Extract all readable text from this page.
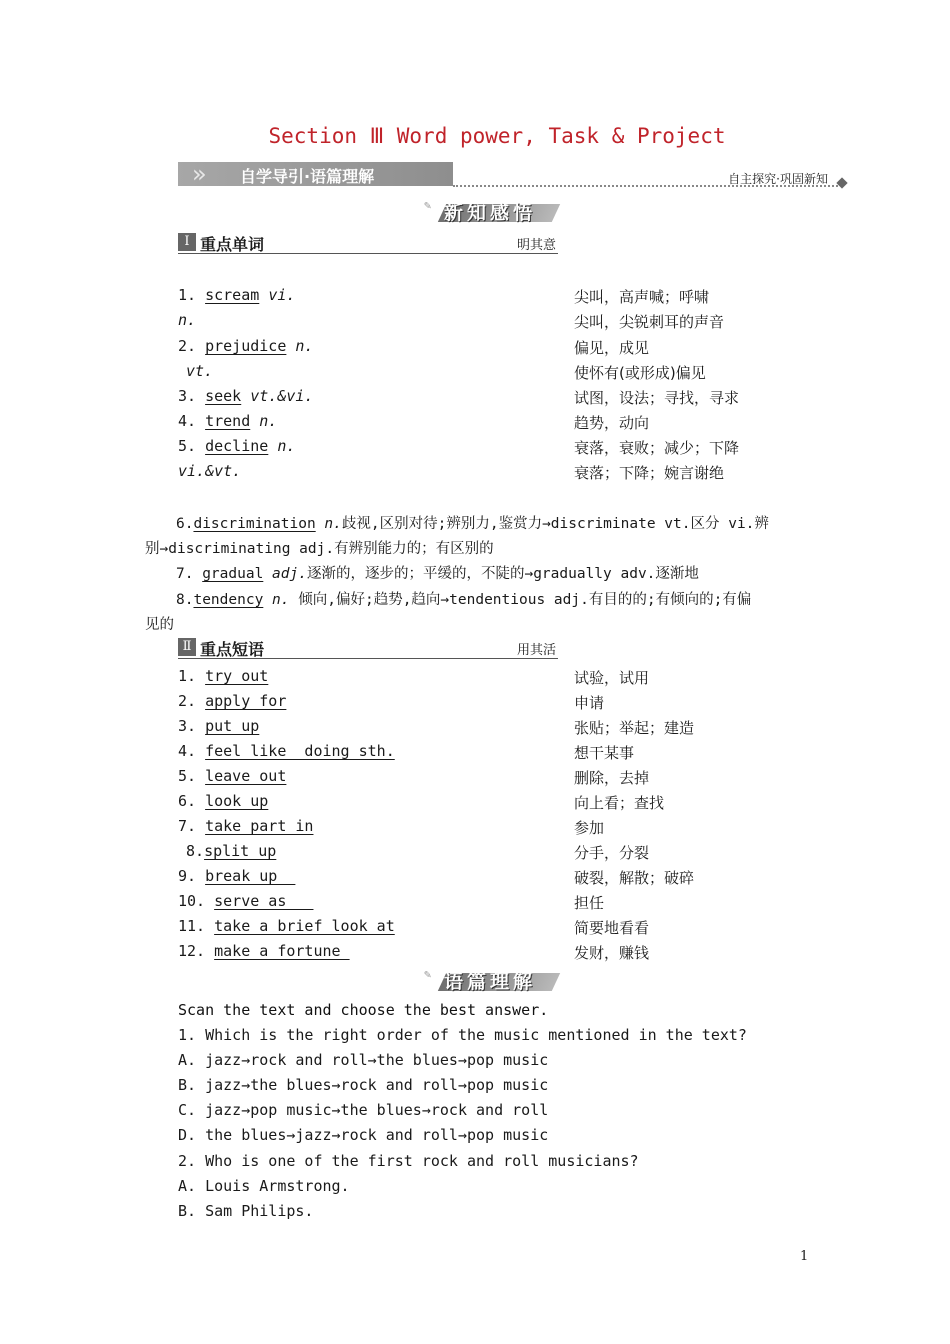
Section Ⅲ Word power, Task & Project
» 自学导引·语篇理解	自主探究·巩固新知
✎ 新知感悟
Ⅰ 重点单词	明其意
1. scream vi.	尖叫，高声喊；呼啸
n.	尖叫，尖锐刺耳的声音
2. prejudice n.	偏见，成见
vt.	使怀有(或形成)偏见
3. seek vt.&vi.	试图，设法；寻找，寻求
4. trend n.	趋势，动向
5. decline n.	衰落，衰败；减少；下降
vi.&vt.	衰落；下降；婉言谢绝
6.discrimination n.歧视,区别对待;辨别力,鉴赏力→discriminate vt.区分 vi.辨
别→discriminating adj.有辨别能力的；有区别的
7. gradual adj.逐渐的，逐步的；平缓的，不陡的→gradually adv.逐渐地
8.tendency n. 倾向,偏好;趋势,趋向→tendentious adj.有目的的;有倾向的;有偏
见的
Ⅱ 重点短语	用其活
1. try out	试验，试用
2. apply for	申请
3. put up	张贴；举起；建造
4. feel like  doing sth.	想干某事
5. leave out	删除，去掉
6. look up	向上看；查找
7. take part in	参加
8.split up	分手，分裂
9. break up	破裂，解散；破碎
10. serve as	担任
11. take a brief look at	简要地看看
12. make a fortune	发财，赚钱
✎ 语篇理解
Scan the text and choose the best answer.
1. Which is the right order of the music mentioned in the text?
A. jazz→rock and roll→the blues→pop music
B. jazz→the blues→rock and roll→pop music
C. jazz→pop music→the blues→rock and roll
D. the blues→jazz→rock and roll→pop music
2. Who is one of the first rock and roll musicians?
A. Louis Armstrong.
B. Sam Philips.
1
